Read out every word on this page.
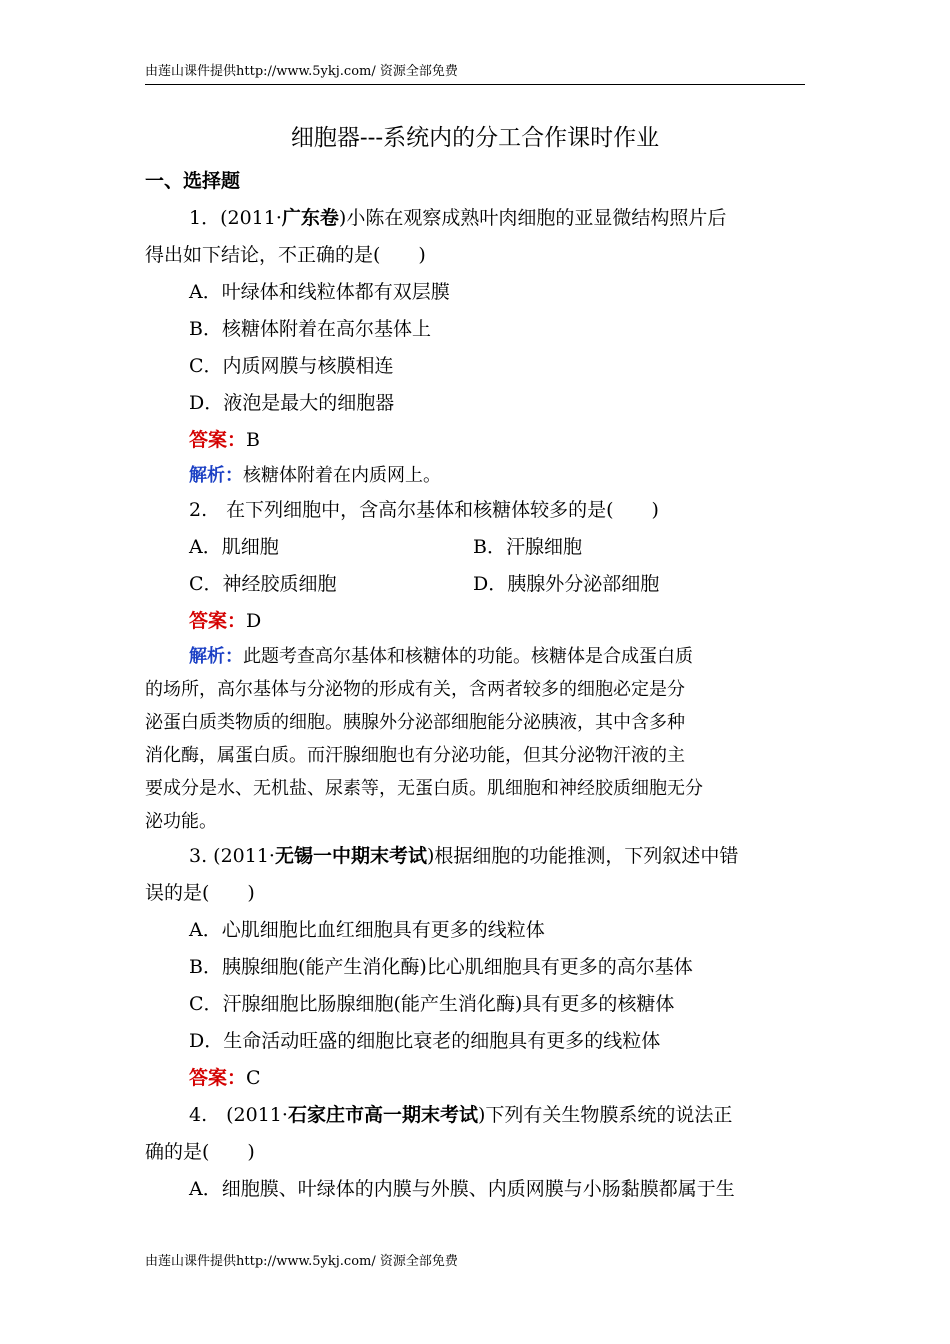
由莲山课件提供http://www.5ykj.com/ 资源全部免费
细胞器---系统内的分工合作课时作业
一、选择题
1．(2011·广东卷)小陈在观察成熟叶肉细胞的亚显微结构照片后
得出如下结论，不正确的是(　　)
A．叶绿体和线粒体都有双层膜
B．核糖体附着在高尔基体上
C．内质网膜与核膜相连
D．液泡是最大的细胞器
答案：B
解析：核糖体附着在内质网上。
2.　在下列细胞中，含高尔基体和核糖体较多的是(　　)
A．肌细胞	B．汗腺细胞
C．神经胶质细胞	D．胰腺外分泌部细胞
答案：D
解析：此题考查高尔基体和核糖体的功能。核糖体是合成蛋白质
的场所，高尔基体与分泌物的形成有关，含两者较多的细胞必定是分
泌蛋白质类物质的细胞。胰腺外分泌部细胞能分泌胰液，其中含多种
消化酶，属蛋白质。而汗腺细胞也有分泌功能，但其分泌物汗液的主
要成分是水、无机盐、尿素等，无蛋白质。肌细胞和神经胶质细胞无分
泌功能。
3. (2011·无锡一中期末考试)根据细胞的功能推测，下列叙述中错
误的是(　　)
A．心肌细胞比血红细胞具有更多的线粒体
B．胰腺细胞(能产生消化酶)比心肌细胞具有更多的高尔基体
C．汗腺细胞比肠腺细胞(能产生消化酶)具有更多的核糖体
D．生命活动旺盛的细胞比衰老的细胞具有更多的线粒体
答案：C
4.　(2011·石家庄市高一期末考试)下列有关生物膜系统的说法正
确的是(　　)
A．细胞膜、叶绿体的内膜与外膜、内质网膜与小肠黏膜都属于生
由莲山课件提供http://www.5ykj.com/ 资源全部免费
